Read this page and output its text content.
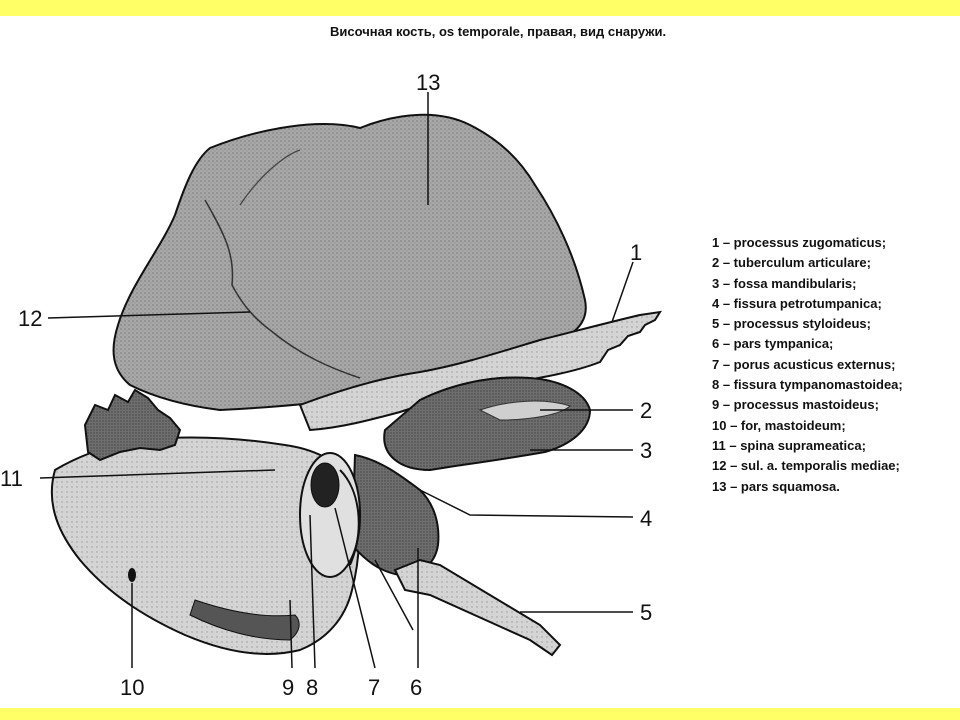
Височная кость, os temporale, правая, вид снаружи.
13
1
2
3
4
5
6
7
8
9
10
11
12
1 – processus zugomaticus;
2 – tuberculum articulare;
3 – fossa mandibularis;
4 – fissura petrotumpanica;
5 – processus styloideus;
6 – pars tympanica;
7 – porus acusticus externus;
8 – fissura tympanomastoidea;
9 – processus mastoideus;
10 – for, mastoideum;
11 – spina suprameatica;
12 – sul. a. temporalis mediae;
13 – pars squamosa.
